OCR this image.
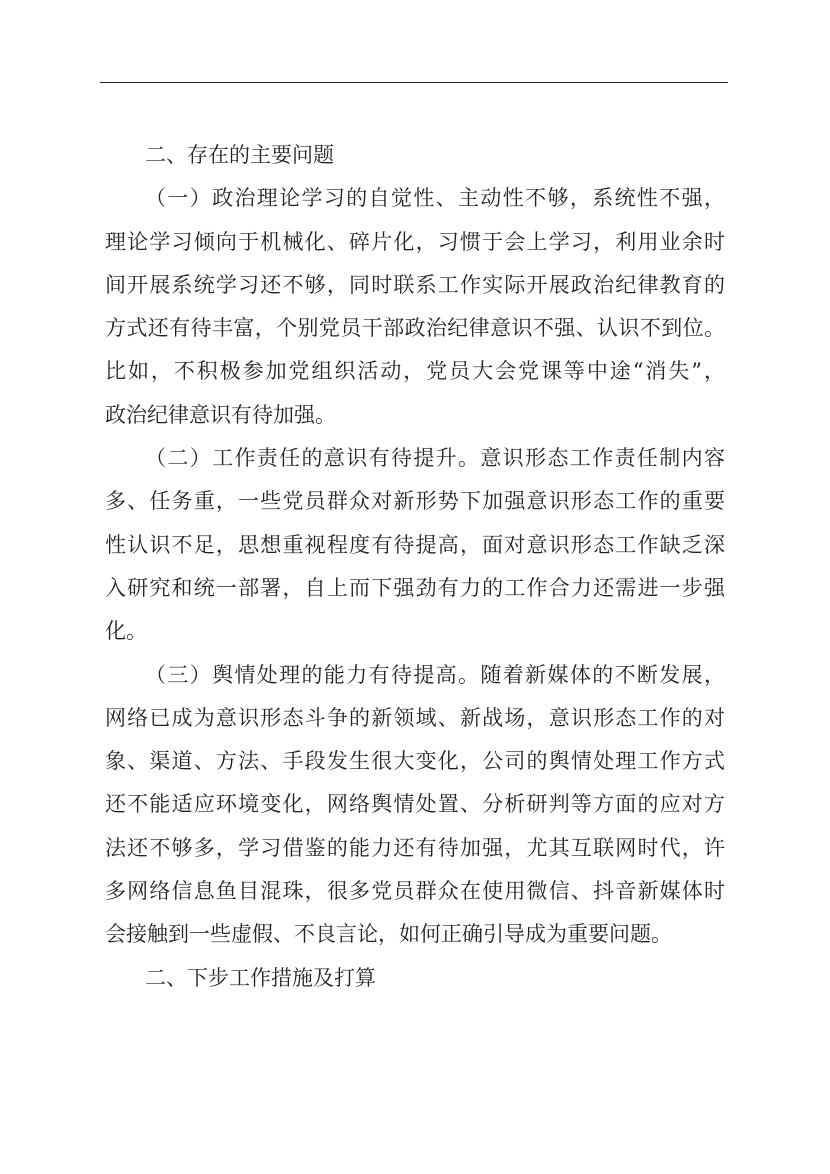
二、存在的主要问题
（一）政治理论学习的自觉性、主动性不够，系统性不强，
理论学习倾向于机械化、碎片化，习惯于会上学习，利用业余时
间开展系统学习还不够，同时联系工作实际开展政治纪律教育的
方式还有待丰富，个别党员干部政治纪律意识不强、认识不到位。
比如，不积极参加党组织活动，党员大会党课等中途“消失”，
政治纪律意识有待加强。
（二）工作责任的意识有待提升。意识形态工作责任制内容
多、任务重，一些党员群众对新形势下加强意识形态工作的重要
性认识不足，思想重视程度有待提高，面对意识形态工作缺乏深
入研究和统一部署，自上而下强劲有力的工作合力还需进一步强
化。
（三）舆情处理的能力有待提高。随着新媒体的不断发展，
网络已成为意识形态斗争的新领域、新战场，意识形态工作的对
象、渠道、方法、手段发生很大变化，公司的舆情处理工作方式
还不能适应环境变化，网络舆情处置、分析研判等方面的应对方
法还不够多，学习借鉴的能力还有待加强，尤其互联网时代，许
多网络信息鱼目混珠，很多党员群众在使用微信、抖音新媒体时
会接触到一些虚假、不良言论，如何正确引导成为重要问题。
二、下步工作措施及打算
